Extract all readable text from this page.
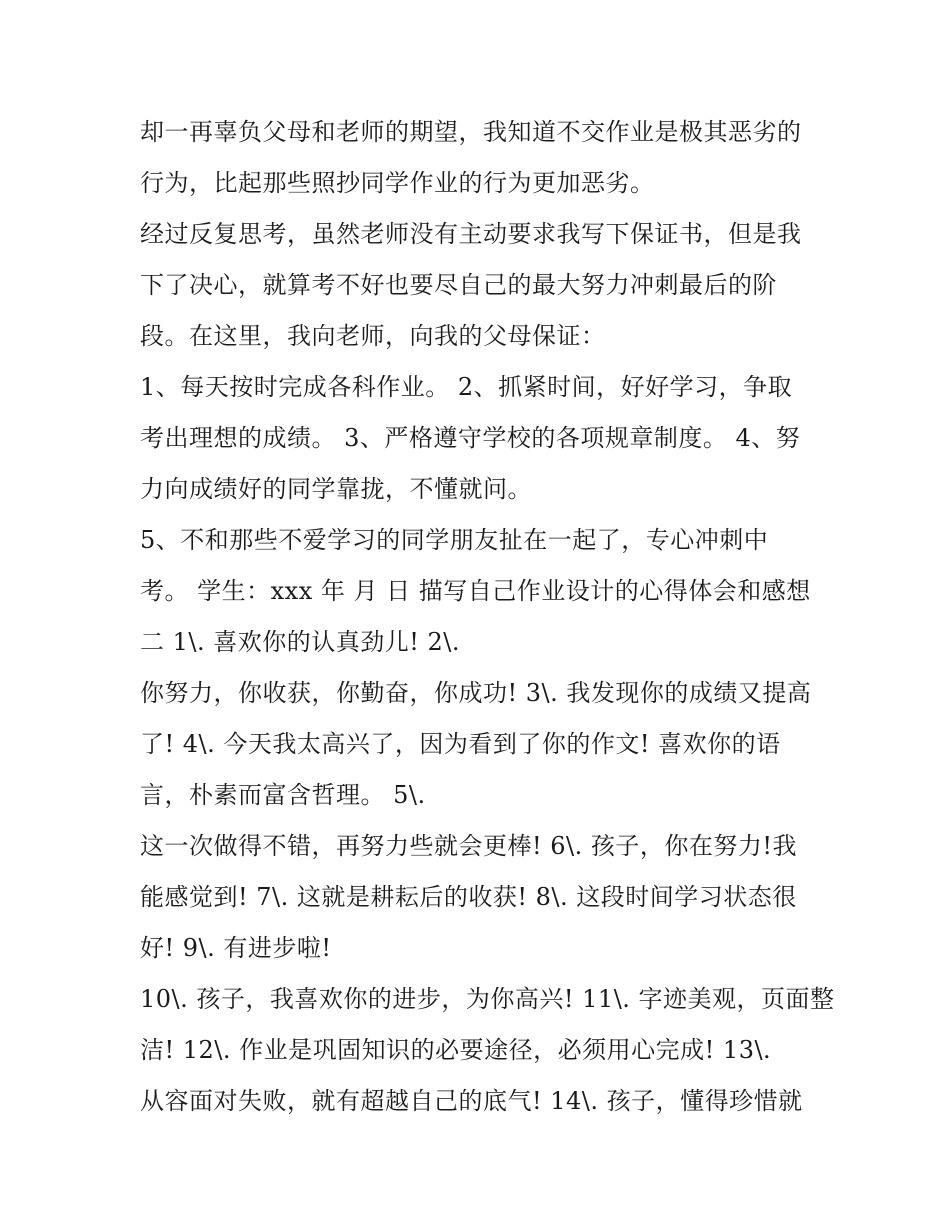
却一再辜负父母和老师的期望，我知道不交作业是极其恶劣的
行为，比起那些照抄同学作业的行为更加恶劣。
经过反复思考，虽然老师没有主动要求我写下保证书，但是我
下了决心，就算考不好也要尽自己的最大努力冲刺最后的阶
段。在这里，我向老师，向我的父母保证：
1、每天按时完成各科作业。 2、抓紧时间，好好学习，争取
考出理想的成绩。 3、严格遵守学校的各项规章制度。 4、努
力向成绩好的同学靠拢，不懂就问。
5、不和那些不爱学习的同学朋友扯在一起了，专心冲刺中
考。 学生：xxx 年 月 日 描写自己作业设计的心得体会和感想
二 1\. 喜欢你的认真劲儿! 2\.
你努力，你收获，你勤奋，你成功! 3\. 我发现你的成绩又提高
了! 4\. 今天我太高兴了，因为看到了你的作文! 喜欢你的语
言，朴素而富含哲理。 5\.
这一次做得不错，再努力些就会更棒! 6\. 孩子，你在努力!我
能感觉到! 7\. 这就是耕耘后的收获! 8\. 这段时间学习状态很
好! 9\. 有进步啦!
10\. 孩子，我喜欢你的进步，为你高兴! 11\. 字迹美观，页面整
洁! 12\. 作业是巩固知识的必要途径，必须用心完成! 13\.
从容面对失败，就有超越自己的底气! 14\. 孩子，懂得珍惜就
